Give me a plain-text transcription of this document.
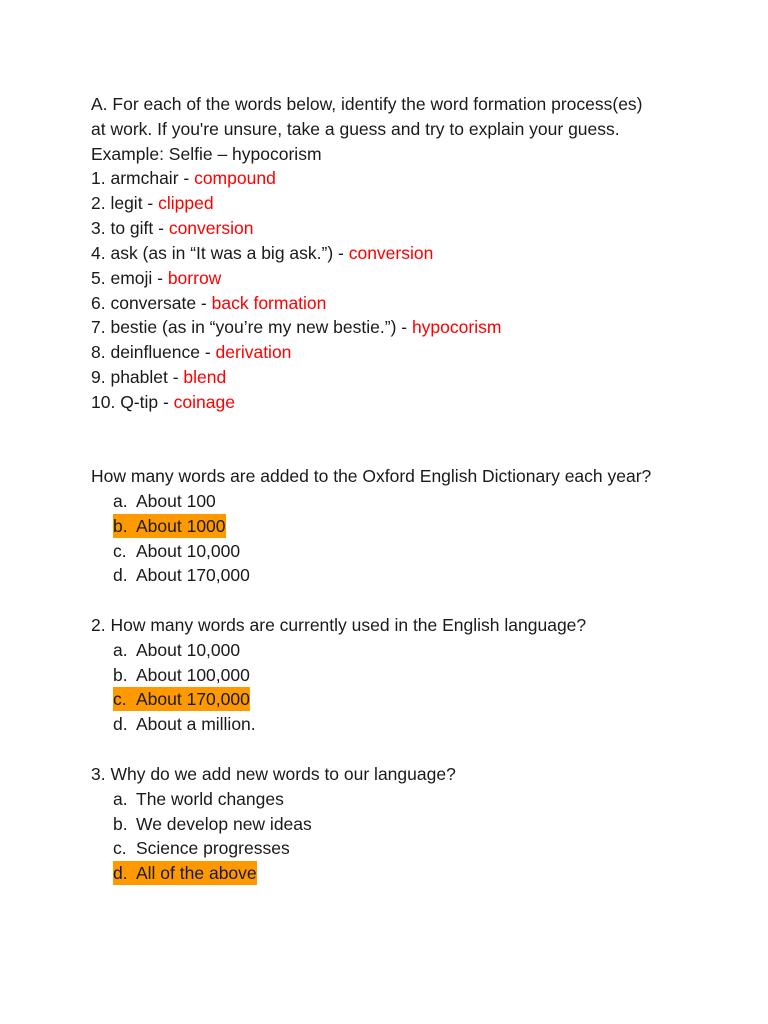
A. For each of the words below, identify the word formation process(es)
at work. If you're unsure, take a guess and try to explain your guess.
Example: Selfie – hypocorism
1. armchair - compound
2. legit - clipped
3. to gift - conversion
4. ask (as in “It was a big ask.”) - conversion
5. emoji - borrow
6. conversate - back formation
7. bestie (as in “you’re my new bestie.”) - hypocorism
8. deinfluence - derivation
9. phablet - blend
10. Q-tip - coinage
How many words are added to the Oxford English Dictionary each year?
a. About 100
b. About 1000
c. About 10,000
d. About 170,000
2. How many words are currently used in the English language?
a. About 10,000
b. About 100,000
c. About 170,000
d. About a million.
3. Why do we add new words to our language?
a. The world changes
b. We develop new ideas
c. Science progresses
d. All of the above
